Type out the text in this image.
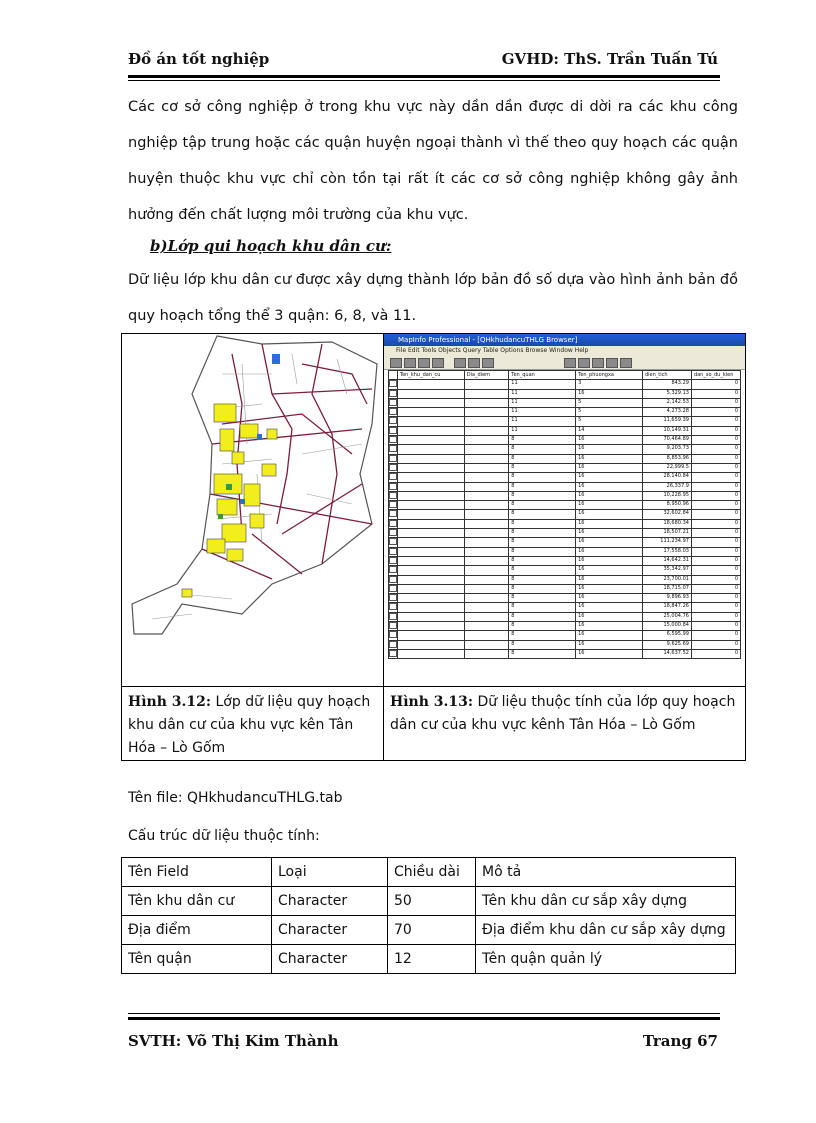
Đồ án tốt nghiệp	GVHD: ThS. Trần Tuấn Tú
Các cơ sở công nghiệp ở trong khu vực này dần dần được di dời ra các khu công nghiệp tập trung hoặc các quận huyện ngoại thành vì thế theo quy hoạch các quận huyện thuộc khu vực chỉ còn tồn tại rất ít các cơ sở công nghiệp không gây ảnh hưởng đến chất lượng môi trường của khu vực.
b)Lớp qui hoạch khu dân cư:
Dữ liệu lớp khu dân cư được xây dựng thành lớp bản đồ số dựa vào hình ảnh bản đồ quy hoạch tổng thể 3 quận: 6, 8, và 11.

MapInfo Professional - [QHkhudancuTHLG Browser]
File Edit Tools Objects Query Table Options Browse Window Help
	Ten_khu_dan_cu	Dia_diem	Ten_quan	Ten_phuongxa	dien_tich	dan_so_du_kien

			11	3	843.29	0

			11	16	5,329.13	0

			11	5	2,142.53	0

			11	5	4,273.28	0

			11	5	11,659.39	0

			11	14	10,149.31	0

			8	16	70,464.89	0

			8	16	9,203.73	0

			8	16	8,853.96	0

			8	16	22,999.5	0

			8	16	28,140.84	0

			8	16	26,337.9	0

			8	16	10,228.95	0

			8	16	8,950.96	0

			8	16	32,602.84	0

			8	16	18,680.34	0

			8	16	18,507.21	0

			8	16	111,234.97	0

			8	16	17,558.03	0

			8	16	14,642.31	0

			8	16	35,342.97	0

			8	16	23,700.01	0

			8	16	18,715.07	0

			8	16	9,896.93	0

			8	16	18,847.26	0

			8	16	25,004.76	0

			8	16	15,000.84	0

			8	16	6,595.99	0

			8	16	9,625.69	0

			8	16	14,637.52	0

Hình 3.12: Lớp dữ liệu quy hoạch khu dân cư của khu vực kên Tân Hóa – Lò Gốm	Hình 3.13: Dữ liệu thuộc tính của lớp quy hoạch dân cư của khu vực kênh Tân Hóa – Lò Gốm
Tên file: QHkhudancuTHLG.tab
Cấu trúc dữ liệu thuộc tính:
Tên Field	Loại	Chiều dài	Mô tả
Tên khu dân cư	Character	50	Tên khu dân cư sắp xây dựng
Địa điểm	Character	70	Địa điểm khu dân cư sắp xây dựng
Tên quận	Character	12	Tên quận quản lý
SVTH: Võ Thị Kim Thành	Trang 67
